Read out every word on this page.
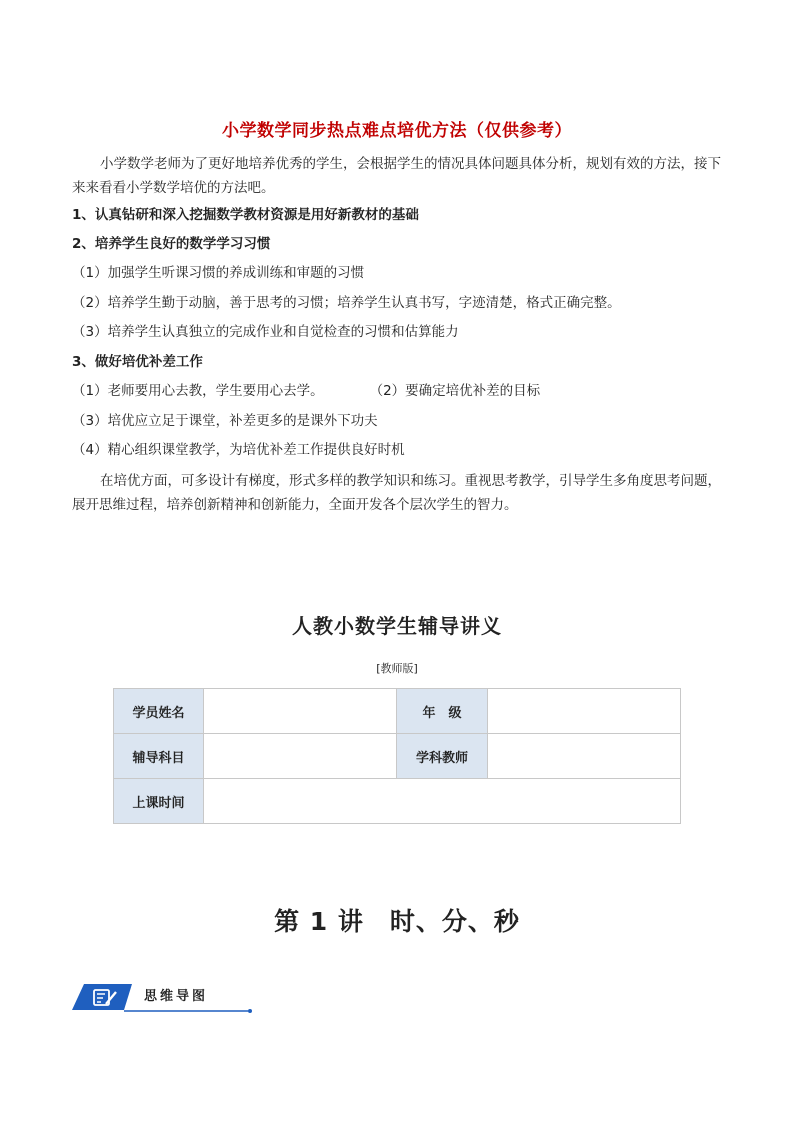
小学数学同步热点难点培优方法（仅供参考）
小学数学老师为了更好地培养优秀的学生，会根据学生的情况具体问题具体分析，规划有效的方法，接下来来看看小学数学培优的方法吧。
1、认真钻研和深入挖掘数学教材资源是用好新教材的基础
2、培养学生良好的数学学习习惯
（1）加强学生听课习惯的养成训练和审题的习惯
（2）培养学生勤于动脑，善于思考的习惯；培养学生认真书写，字迹清楚，格式正确完整。
（3）培养学生认真独立的完成作业和自觉检查的习惯和估算能力
3、做好培优补差工作
（1）老师要用心去教，学生要用心去学。	（2）要确定培优补差的目标
（3）培优应立足于课堂，补差更多的是课外下功夫
（4）精心组织课堂教学，为培优补差工作提供良好时机
在培优方面，可多设计有梯度，形式多样的教学知识和练习。重视思考教学，引导学生多角度思考问题，展开思维过程，培养创新精神和创新能力，全面开发各个层次学生的智力。
人教小数学生辅导讲义
[教师版]
学员姓名		年　级	
辅导科目		学科教师	
上课时间			
第 1 讲　时、分、秒
思维导图
